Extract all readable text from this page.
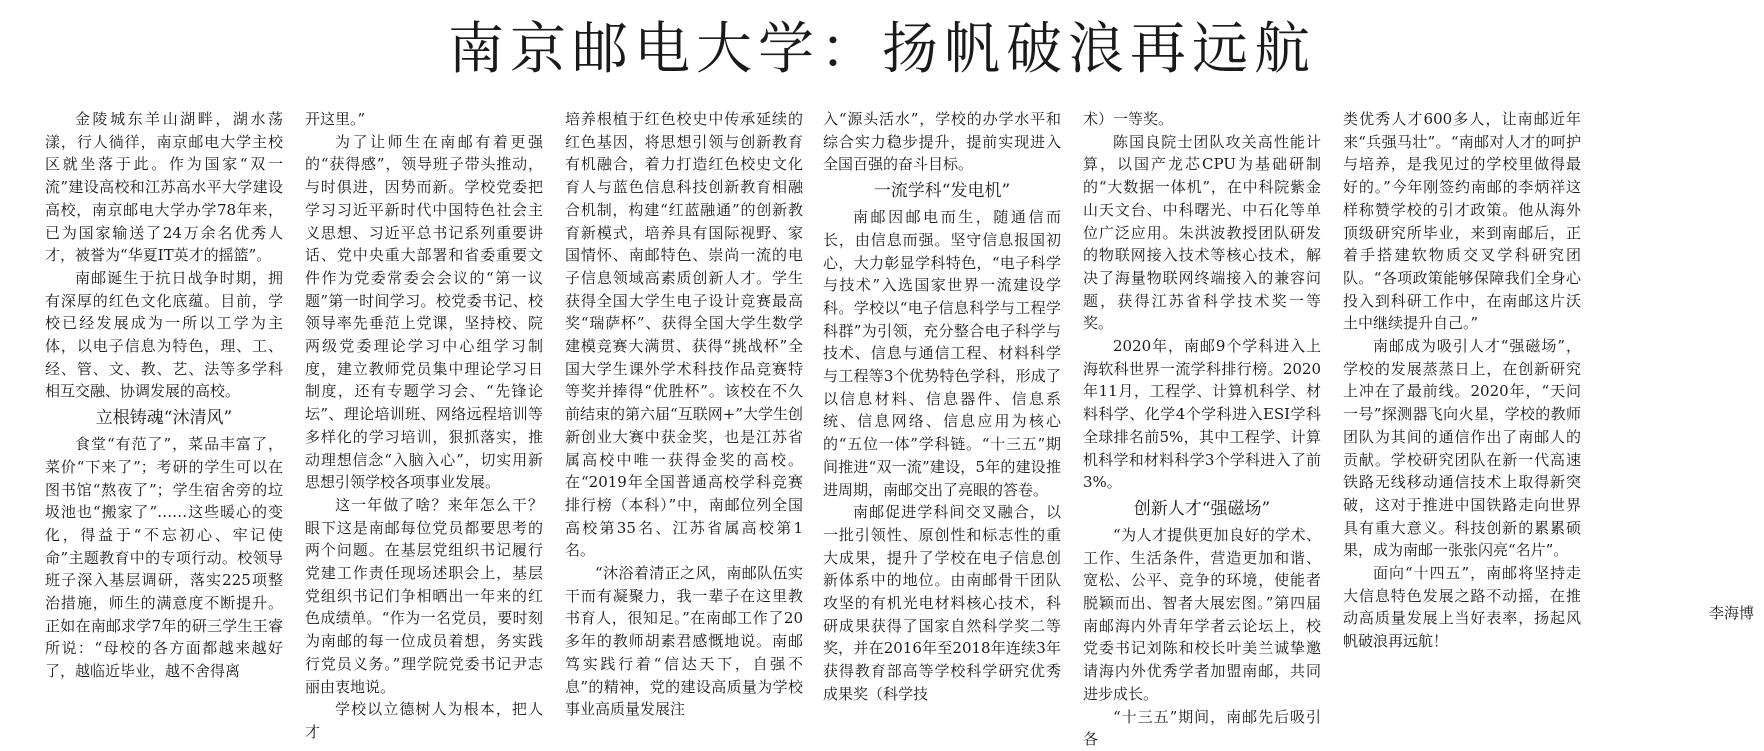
南京邮电大学：扬帆破浪再远航

金陵城东羊山湖畔，湖水荡漾，行人徜徉，南京邮电大学主校区就坐落于此。作为国家“双一流”建设高校和江苏高水平大学建设高校，南京邮电大学办学78年来，已为国家输送了24万余名优秀人才，被誉为“华夏IT英才的摇篮”。

南邮诞生于抗日战争时期，拥有深厚的红色文化底蕴。目前，学校已经发展成为一所以工学为主体，以电子信息为特色，理、工、经、管、文、教、艺、法等多学科相互交融、协调发展的高校。

立根铸魂“沐清风”

食堂“有范了”，菜品丰富了，菜价“下来了”；考研的学生可以在图书馆“熬夜了”；学生宿舍旁的垃圾池也“搬家了”……这些暖心的变化，得益于“不忘初心、牢记使命”主题教育中的专项行动。校领导班子深入基层调研，落实225项整治措施，师生的满意度不断提升。正如在南邮求学7年的研三学生王睿所说：“母校的各方面都越来越好了，越临近毕业，越不舍得离

开这里。”

为了让师生在南邮有着更强的“获得感”，领导班子带头推动，与时俱进，因势而新。学校党委把学习习近平新时代中国特色社会主义思想、习近平总书记系列重要讲话、党中央重大部署和省委重要文件作为党委常委会会议的“第一议题”第一时间学习。校党委书记、校领导率先垂范上党课，坚持校、院两级党委理论学习中心组学习制度，建立教师党员集中理论学习日制度，还有专题学习会、“先锋论坛”、理论培训班、网络远程培训等多样化的学习培训，狠抓落实，推动理想信念“入脑入心”，切实用新思想引领学校各项事业发展。

这一年做了啥？来年怎么干？眼下这是南邮每位党员都要思考的两个问题。在基层党组织书记履行党建工作责任现场述职会上，基层党组织书记们争相晒出一年来的红色成绩单。“作为一名党员，要时刻为南邮的每一位成员着想，务实践行党员义务。”理学院党委书记尹志丽由衷地说。

学校以立德树人为根本，把人才

培养根植于红色校史中传承延续的红色基因，将思想引领与创新教育有机融合，着力打造红色校史文化育人与蓝色信息科技创新教育相融合机制，构建“红蓝融通”的创新教育新模式，培养具有国际视野、家国情怀、南邮特色、崇尚一流的电子信息领域高素质创新人才。学生获得全国大学生电子设计竞赛最高奖“瑞萨杯”、获得全国大学生数学建模竞赛大满贯、获得“挑战杯”全国大学生课外学术科技作品竞赛特等奖并捧得“优胜杯”。该校在不久前结束的第六届“互联网+”大学生创新创业大赛中获金奖，也是江苏省属高校中唯一获得金奖的高校。在“2019年全国普通高校学科竞赛排行榜（本科）”中，南邮位列全国高校第35名、江苏省属高校第1名。

“沐浴着清正之风，南邮队伍实干而有凝聚力，我一辈子在这里教书育人，很知足。”在南邮工作了20多年的教师胡素君感慨地说。南邮笃实践行着“信达天下，自强不息”的精神，党的建设高质量为学校事业高质量发展注

入“源头活水”，学校的办学水平和综合实力稳步提升，提前实现进入全国百强的奋斗目标。

一流学科“发电机”

南邮因邮电而生，随通信而长，由信息而强。坚守信息报国初心，大力彰显学科特色，“电子科学与技术”入选国家世界一流建设学科。学校以“电子信息科学与工程学科群”为引领，充分整合电子科学与技术、信息与通信工程、材料科学与工程等3个优势特色学科，形成了以信息材料、信息器件、信息系统、信息网络、信息应用为核心的“五位一体”学科链。“十三五”期间推进“双一流”建设，5年的建设推进周期，南邮交出了亮眼的答卷。

南邮促进学科间交叉融合，以一批引领性、原创性和标志性的重大成果，提升了学校在电子信息创新体系中的地位。由南邮骨干团队攻坚的有机光电材料核心技术，科研成果获得了国家自然科学奖二等奖，并在2016年至2018年连续3年获得教育部高等学校科学研究优秀成果奖（科学技

术）一等奖。

陈国良院士团队攻关高性能计算，以国产龙芯CPU为基础研制的“大数据一体机”，在中科院紫金山天文台、中科曙光、中石化等单位广泛应用。朱洪波教授团队研发的物联网接入技术等核心技术，解决了海量物联网终端接入的兼容问题，获得江苏省科学技术奖一等奖。

2020年，南邮9个学科进入上海软科世界一流学科排行榜。2020年11月，工程学、计算机科学、材料科学、化学4个学科进入ESI学科全球排名前5%，其中工程学、计算机科学和材料科学3个学科进入了前3%。

创新人才“强磁场”

“为人才提供更加良好的学术、工作、生活条件，营造更加和谐、宽松、公平、竞争的环境，使能者脱颖而出、智者大展宏图。”第四届南邮海内外青年学者云论坛上，校党委书记刘陈和校长叶美兰诚挚邀请海内外优秀学者加盟南邮，共同进步成长。

“十三五”期间，南邮先后吸引各

类优秀人才600多人，让南邮近年来“兵强马壮”。“南邮对人才的呵护与培养，是我见过的学校里做得最好的。”今年刚签约南邮的李炳祥这样称赞学校的引才政策。他从海外顶级研究所毕业，来到南邮后，正着手搭建软物质交叉学科研究团队。“各项政策能够保障我们全身心投入到科研工作中，在南邮这片沃土中继续提升自己。”

南邮成为吸引人才“强磁场”，学校的发展蒸蒸日上，在创新研究上冲在了最前线。2020年，“天问一号”探测器飞向火星，学校的教师团队为其间的通信作出了南邮人的贡献。学校研究团队在新一代高速铁路无线移动通信技术上取得新突破，这对于推进中国铁路走向世界具有重大意义。科技创新的累累硕果，成为南邮一张张闪亮“名片”。

面向“十四五”，南邮将坚持走大信息特色发展之路不动摇，在推动高质量发展上当好表率，扬起风帆破浪再远航！

李海博
